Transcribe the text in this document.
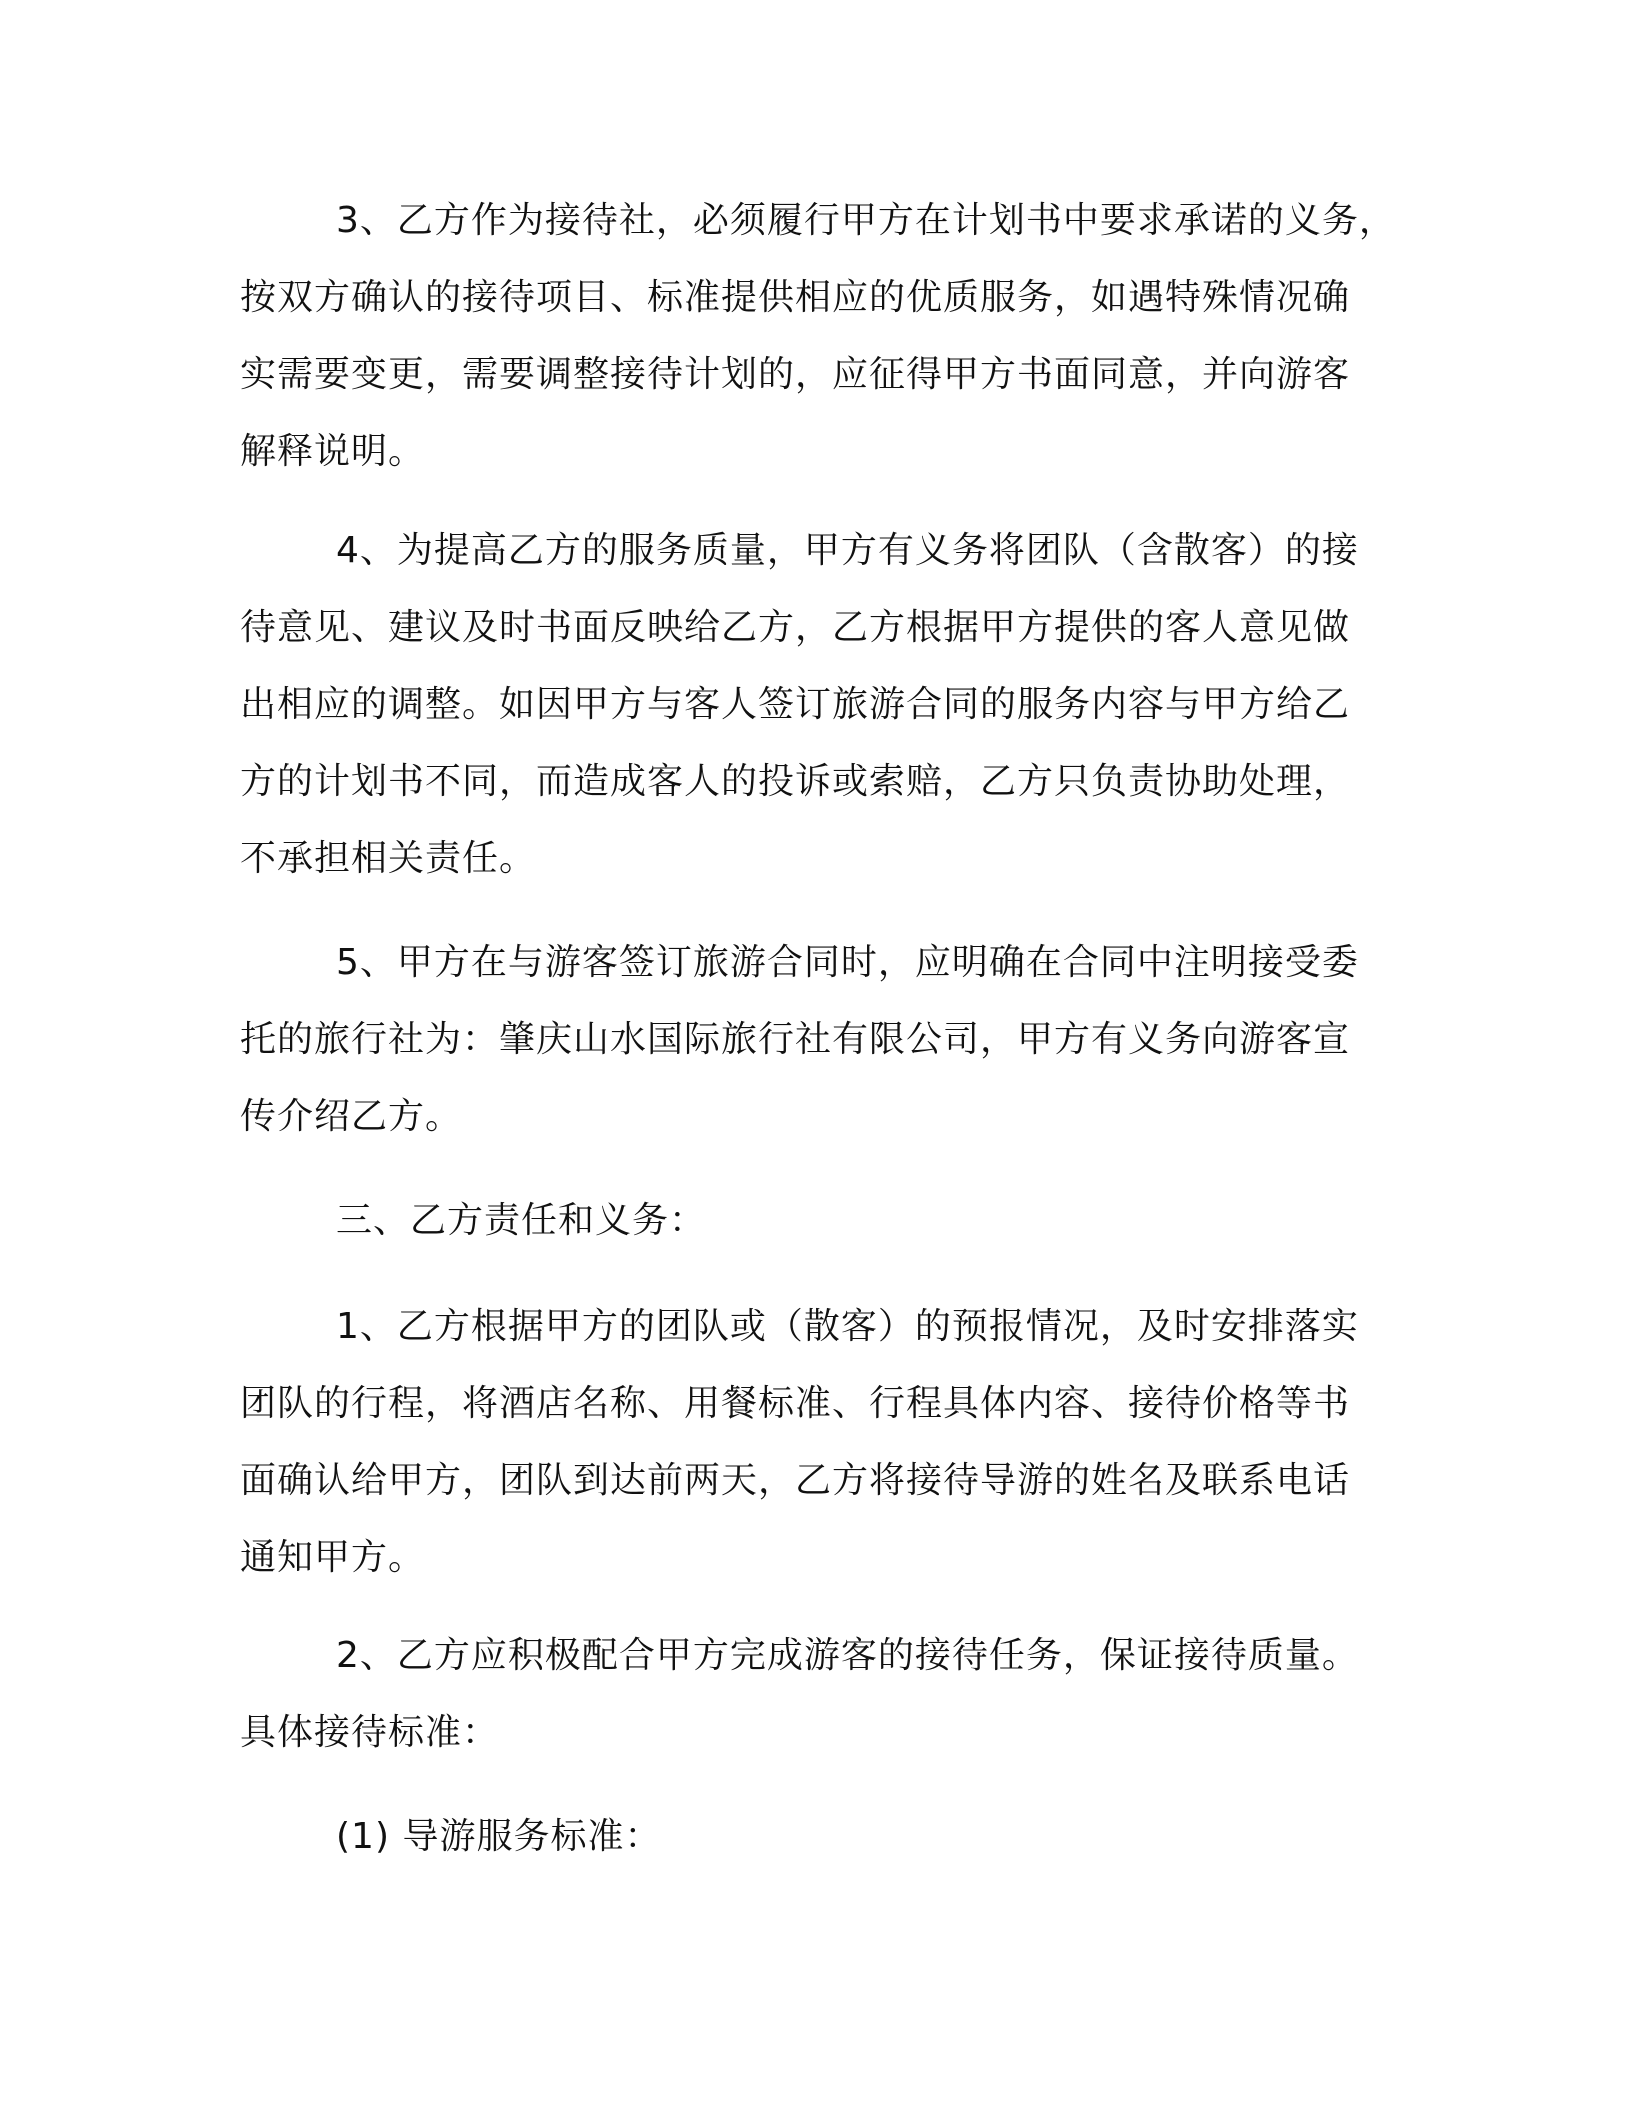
3、乙方作为接待社，必须履行甲方在计划书中要求承诺的义务，
按双方确认的接待项目、标准提供相应的优质服务，如遇特殊情况确
实需要变更，需要调整接待计划的，应征得甲方书面同意，并向游客
解释说明。
4、为提高乙方的服务质量，甲方有义务将团队（含散客）的接
待意见、建议及时书面反映给乙方，乙方根据甲方提供的客人意见做
出相应的调整。如因甲方与客人签订旅游合同的服务内容与甲方给乙
方的计划书不同，而造成客人的投诉或索赔，乙方只负责协助处理，
不承担相关责任。
5、甲方在与游客签订旅游合同时，应明确在合同中注明接受委
托的旅行社为：肇庆山水国际旅行社有限公司，甲方有义务向游客宣
传介绍乙方。
三、乙方责任和义务：
1、乙方根据甲方的团队或（散客）的预报情况，及时安排落实
团队的行程，将酒店名称、用餐标准、行程具体内容、接待价格等书
面确认给甲方，团队到达前两天，乙方将接待导游的姓名及联系电话
通知甲方。
2、乙方应积极配合甲方完成游客的接待任务，保证接待质量。
具体接待标准：
(1) 导游服务标准：
